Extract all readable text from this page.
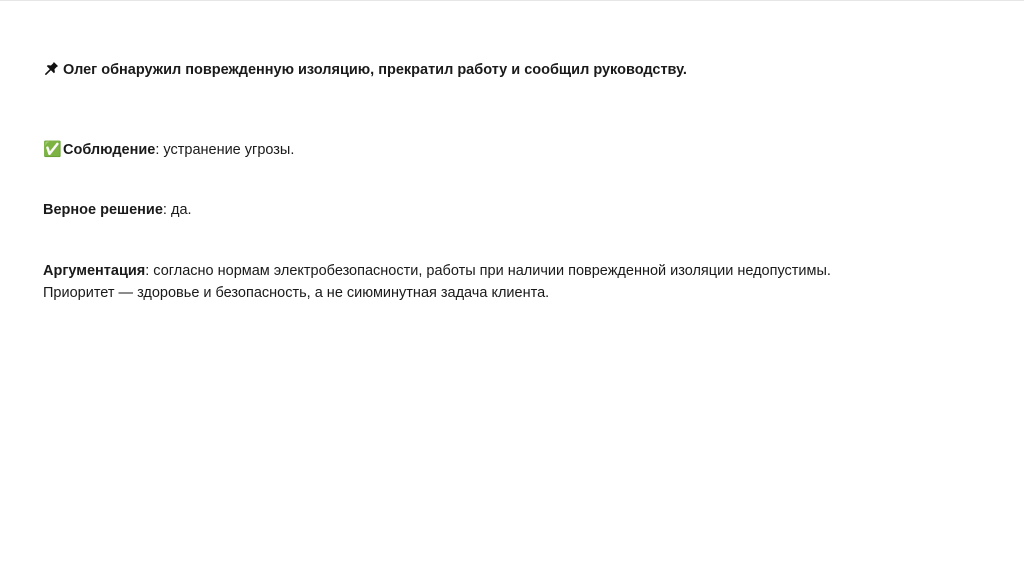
Олег обнаружил поврежденную изоляцию, прекратил работу и сообщил руководству.
✅Соблюдение: устранение угрозы.
Верное решение: да.
Аргументация: согласно нормам электробезопасности, работы при наличии поврежденной изоляции недопустимы.
Приоритет — здоровье и безопасность, а не сиюминутная задача клиента.
